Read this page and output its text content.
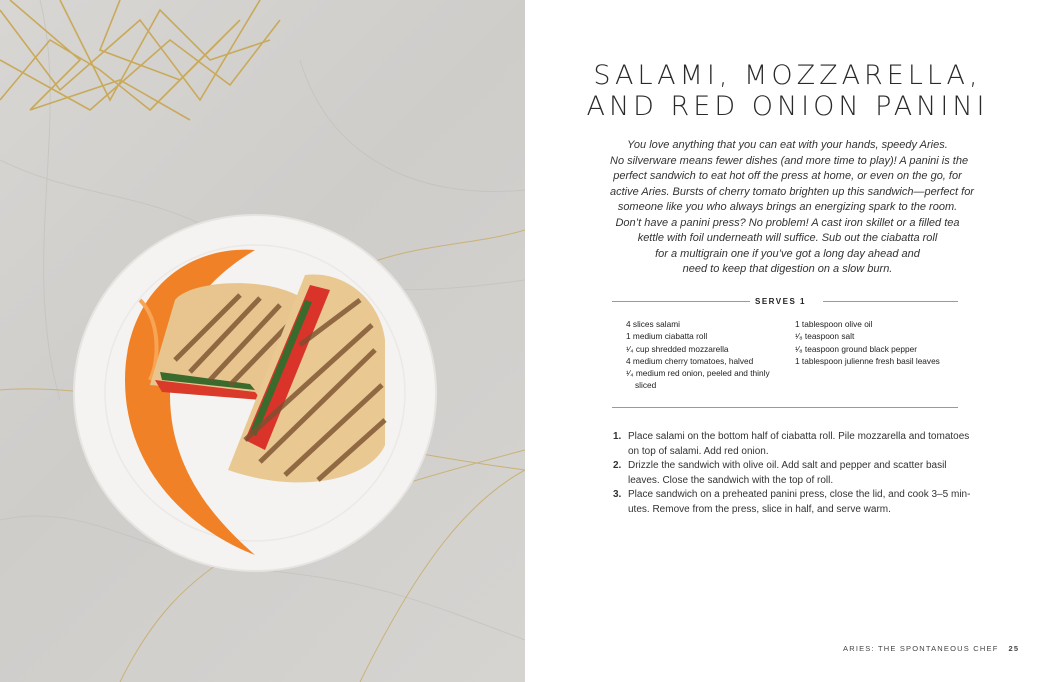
SALAMI, MOZZARELLA,
AND RED ONION PANINI
You love anything that you can eat with your hands, speedy Aries.
No silverware means fewer dishes (and more time to play)! A panini is the
perfect sandwich to eat hot off the press at home, or even on the go, for
active Aries. Bursts of cherry tomato brighten up this sandwich—perfect for
someone like you who always brings an energizing spark to the room.
Don’t have a panini press? No problem! A cast iron skillet or a filled tea
kettle with foil underneath will suffice. Sub out the ciabatta roll
for a multigrain one if you’ve got a long day ahead and
need to keep that digestion on a slow burn.
SERVES 1
4 slices salami
1 medium ciabatta roll
¹⁄₄ cup shredded mozzarella
4 medium cherry tomatoes, halved
¹⁄₄ medium red onion, peeled and thinly
sliced
1 tablespoon olive oil
¹⁄₈ teaspoon salt
¹⁄₈ teaspoon ground black pepper
1 tablespoon julienne fresh basil leaves
1. Place salami on the bottom half of ciabatta roll. Pile mozzarella and tomatoes
on top of salami. Add red onion.
2. Drizzle the sandwich with olive oil. Add salt and pepper and scatter basil
leaves. Close the sandwich with the top of roll.
3. Place sandwich on a preheated panini press, close the lid, and cook 3–5 min-
utes. Remove from the press, slice in half, and serve warm.
ARIES: THE SPONTANEOUS CHEF 25
